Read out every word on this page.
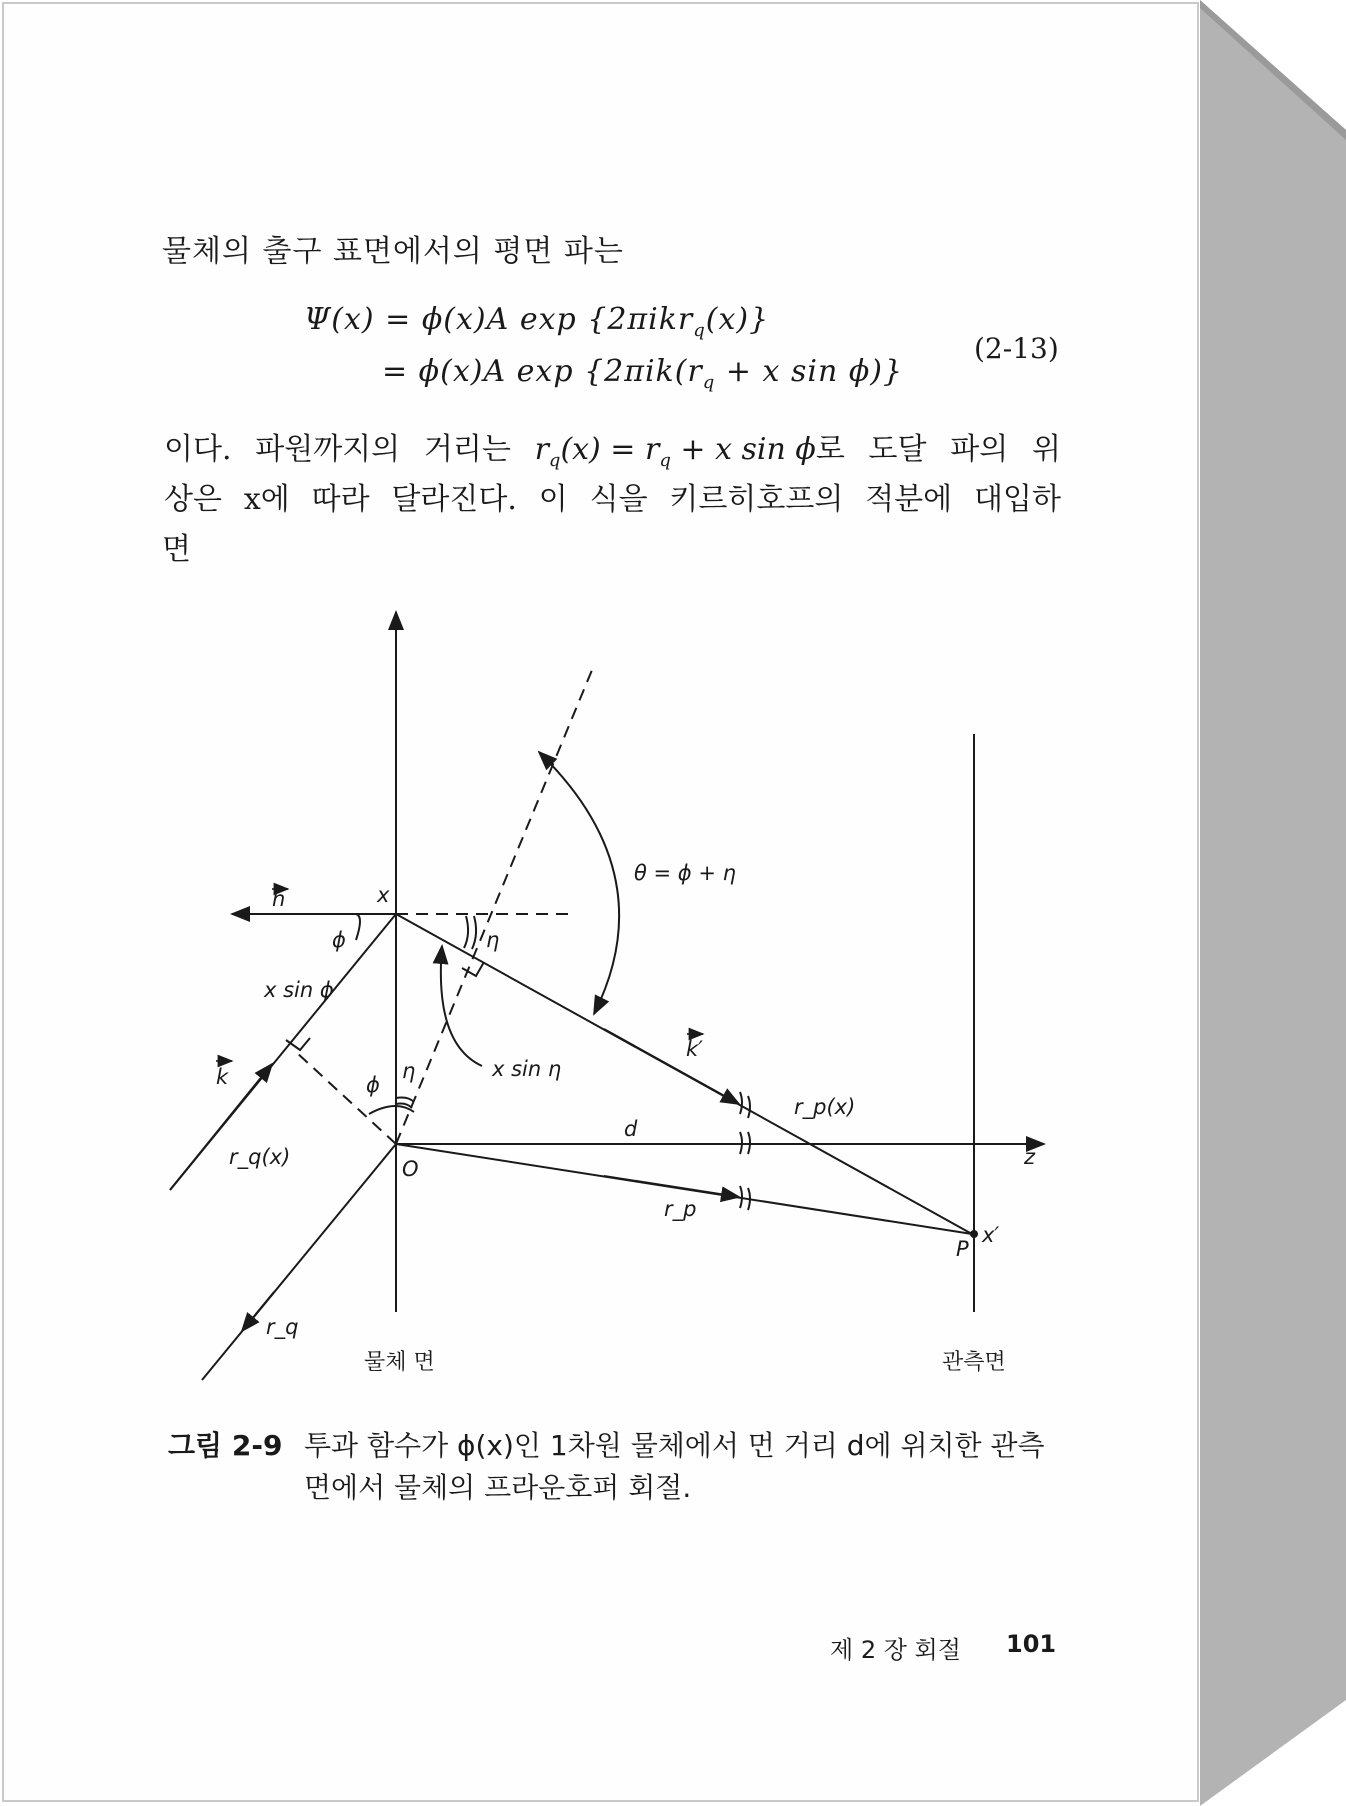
물체의 출구 표면에서의 평면 파는
Ψ(x) = ϕ(x)A exp {2πikr$_q$(x)}
= ϕ(x)A $\exp \{2\pi ik(r_q + x$ sin ϕ)}
(2-13)
이다. 파원까지의 거리는 $r_q(x) = r_q + x$ sin ϕ로 도달 파의 위
상은 x에 따라 달라진다. 이 식을 키르히호프의 적분에 대입하
면
n	x
ϕ	η
θ = ϕ + η
x sin ϕ
k	ϕ
η	x sin η
k′
r_p(x)
d
z
r_q(x)	O
r_p
P
x′
r_q
물체 면	관측면
그림 2-9 투과 함수가 ϕ(x)인 1차원 물체에서 먼 거리 d에 위치한 관측
면에서 물체의 프라운호퍼 회절.
제 2 장 회절 101
